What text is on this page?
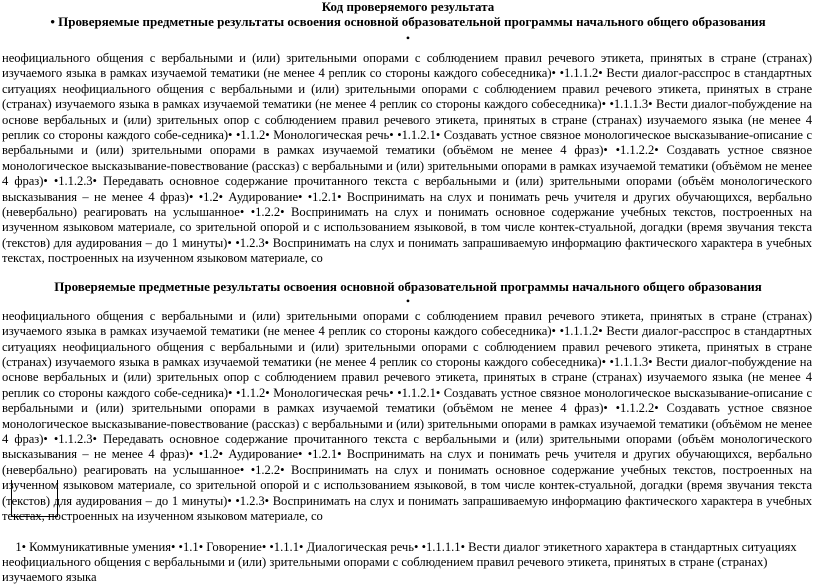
Код проверяемого результата

• Проверяемые предметные результаты освоения основной образовательной программы начального общего образования

•

неофициального общения с вербальными и (или) зрительными опорами с соблюдением правил речевого этикета, принятых в стране (странах) изучаемого языка в рамках изучаемой тематики (не менее 4 реплик со стороны каждого собеседника)• •1.1.1.2• Вести диалог-расспрос в стандартных ситуациях неофициального общения с вербальными и (или) зрительными опорами с соблюдением правил речевого этикета, принятых в стране (странах) изучаемого языка в рамках изучаемой тематики (не менее 4 реплик со стороны каждого собеседника)• •1.1.1.3• Вести диалог-побуждение на основе вербальных и (или) зрительных опор с соблюдением правил речевого этикета, принятых в стране (странах) изучаемого языка (не менее 4 реплик со стороны каждого собе-седника)• •1.1.2• Монологическая речь• •1.1.2.1• Создавать устное связное монологическое высказывание-описание с вербальными и (или) зрительными опорами в рамках изучаемой тематики (объёмом не менее 4 фраз)• •1.1.2.2• Создавать устное связное монологическое высказывание-повествование (рассказ) с вербальными и (или) зрительными опорами в рамках изучаемой тематики (объёмом не менее 4 фраз)• •1.1.2.3• Передавать основное содержание прочитанного текста с вербальными и (или) зрительными опорами (объём монологического высказывания – не менее 4 фраз)• •1.2• Аудирование• •1.2.1• Воспринимать на слух и понимать речь учителя и других обучающихся, вербально (невербально) реагировать на услышанное• •1.2.2• Воспринимать на слух и понимать основное содержание учебных текстов, построенных на изученном языковом материале, со зрительной опорой и с использованием языковой, в том числе контек-стуальной, догадки (время звучания текста (текстов) для аудирования – до 1 минуты)• •1.2.3• Воспринимать на слух и понимать запрашиваемую информацию фактического характера в учебных текстах, построенных на изученном языковом материале, со

Проверяемые предметные результаты освоения основной образовательной программы начального общего образования

•

неофициального общения с вербальными и (или) зрительными опорами с соблюдением правил речевого этикета, принятых в стране (странах) изучаемого языка в рамках изучаемой тематики (не менее 4 реплик со стороны каждого собеседника)• •1.1.1.2• Вести диалог-расспрос в стандартных ситуациях неофициального общения с вербальными и (или) зрительными опорами с соблюдением правил речевого этикета, принятых в стране (странах) изучаемого языка в рамках изучаемой тематики (не менее 4 реплик со стороны каждого собеседника)• •1.1.1.3• Вести диалог-побуждение на основе вербальных и (или) зрительных опор с соблюдением правил речевого этикета, принятых в стране (странах) изучаемого языка (не менее 4 реплик со стороны каждого собе-седника)• •1.1.2• Монологическая речь• •1.1.2.1• Создавать устное связное монологическое высказывание-описание с вербальными и (или) зрительными опорами в рамках изучаемой тематики (объёмом не менее 4 фраз)• •1.1.2.2• Создавать устное связное монологическое высказывание-повествование (рассказ) с вербальными и (или) зрительными опорами в рамках изучаемой тематики (объёмом не менее 4 фраз)• •1.1.2.3• Передавать основное содержание прочитанного текста с вербальными и (или) зрительными опорами (объём монологического высказывания – не менее 4 фраз)• •1.2• Аудирование• •1.2.1• Воспринимать на слух и понимать речь учителя и других обучающихся, вербально (невербально) реагировать на услышанное• •1.2.2• Воспринимать на слух и понимать основное содержание учебных текстов, построенных на изученном языковом материале, со зрительной опорой и с использованием языковой, в том числе контек-стуальной, догадки (время звучания текста (текстов) для аудирования – до 1 минуты)• •1.2.3• Воспринимать на слух и понимать запрашиваемую информацию фактического характера в учебных текстах, построенных на изученном языковом материале, со

1• Коммуникативные умения• •1.1• Говорение• •1.1.1• Диалогическая речь• •1.1.1.1• Вести диалог этикетного характера в стандартных ситуациях

неофициального общения с вербальными и (или) зрительными опорами с соблюдением правил речевого этикета, принятых в стране (странах) изучаемого языка
